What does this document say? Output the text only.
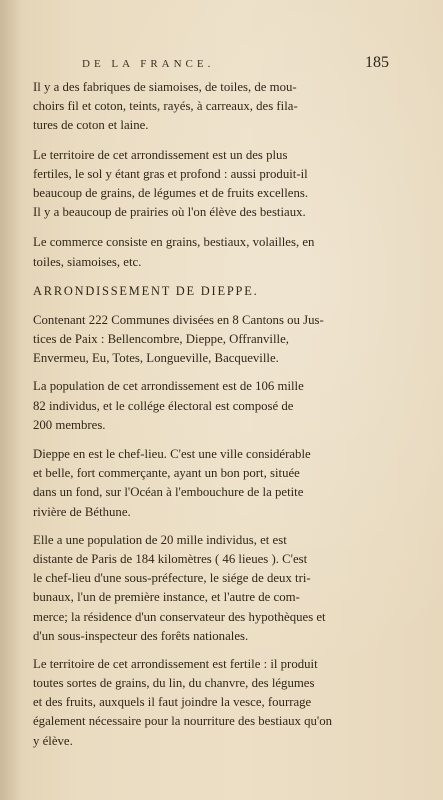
DE LA FRANCE.	185
Il y a des fabriques de siamoises, de toiles, de mou-
choirs fil et coton, teints, rayés, à carreaux, des fila-
tures de coton et laine.
Le territoire de cet arrondissement est un des plus
fertiles, le sol y étant gras et profond : aussi produit-il
beaucoup de grains, de légumes et de fruits excellens.
Il y a beaucoup de prairies où l'on élève des bestiaux.
Le commerce consiste en grains, bestiaux, volailles, en
toiles, siamoises, etc.
ARRONDISSEMENT DE DIEPPE.
Contenant 222 Communes divisées en 8 Cantons ou Jus-
tices de Paix : Bellencombre, Dieppe, Offranville,
Envermeu, Eu, Totes, Longueville, Bacqueville.
La population de cet arrondissement est de 106 mille
82 individus, et le collége électoral est composé de
200 membres.
Dieppe en est le chef-lieu. C'est une ville considérable
et belle, fort commerçante, ayant un bon port, située
dans un fond, sur l'Océan à l'embouchure de la petite
rivière de Béthune.
Elle a une population de 20 mille individus, et est
distante de Paris de 184 kilomètres ( 46 lieues ). C'est
le chef-lieu d'une sous-préfecture, le siége de deux tri-
bunaux, l'un de première instance, et l'autre de com-
merce; la résidence d'un conservateur des hypothèques et
d'un sous-inspecteur des forêts nationales.
Le territoire de cet arrondissement est fertile : il produit
toutes sortes de grains, du lin, du chanvre, des légumes
et des fruits, auxquels il faut joindre la vesce, fourrage
également nécessaire pour la nourriture des bestiaux qu'on
y élève.
